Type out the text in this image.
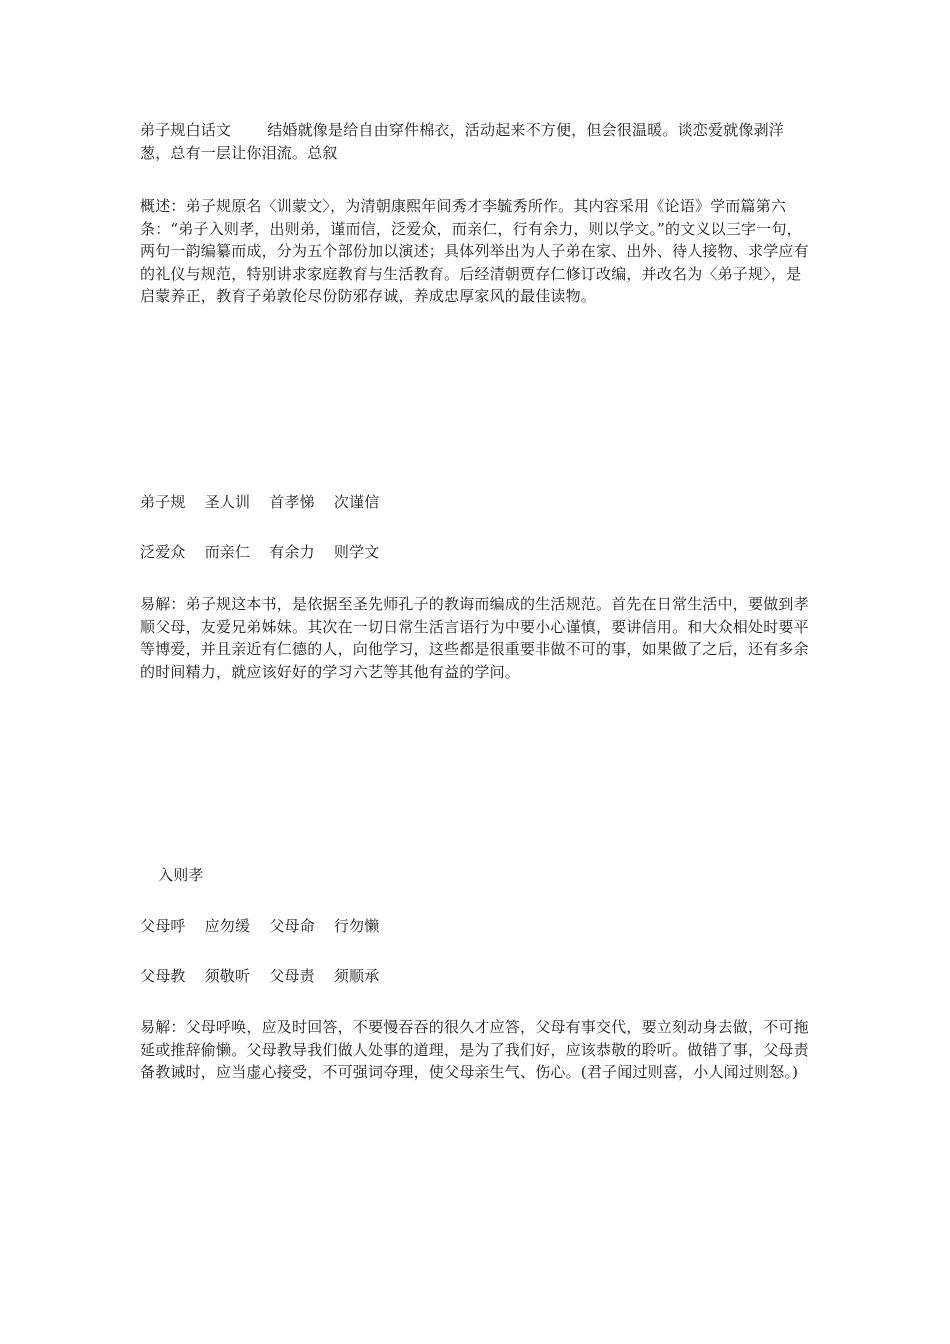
弟子规白话文 结婚就像是给自由穿件棉衣，活动起来不方便，但会很温暖。谈恋爱就像剥洋葱，总有一层让你泪流。总叙

概述：弟子规原名〈训蒙文〉，为清朝康熙年间秀才李毓秀所作。其内容采用《论语》学而篇第六条：“弟子入则孝，出则弟，谨而信，泛爱众，而亲仁，行有余力，则以学文。”的文义以三字一句，两句一韵编纂而成，分为五个部份加以演述；具体列举出为人子弟在家、出外、待人接物、求学应有的礼仪与规范，特别讲求家庭教育与生活教育。后经清朝贾存仁修订改编，并改名为〈弟子规〉，是启蒙养正，教育子弟敦伦尽份防邪存诚，养成忠厚家风的最佳读物。

弟子规 圣人训 首孝悌 次谨信

泛爱众 而亲仁 有余力 则学文

易解：弟子规这本书，是依据至圣先师孔子的教诲而编成的生活规范。首先在日常生活中，要做到孝顺父母，友爱兄弟姊妹。其次在一切日常生活言语行为中要小心谨慎，要讲信用。和大众相处时要平等博爱，并且亲近有仁德的人，向他学习，这些都是很重要非做不可的事，如果做了之后，还有多余的时间精力，就应该好好的学习六艺等其他有益的学问。

入则孝

父母呼 应勿缓 父母命 行勿懒

父母教 须敬听 父母责 须顺承

易解：父母呼唤，应及时回答，不要慢吞吞的很久才应答，父母有事交代，要立刻动身去做，不可拖延或推辞偷懒。父母教导我们做人处事的道理，是为了我们好，应该恭敬的聆听。做错了事，父母责备教诫时，应当虚心接受，不可强词夺理，使父母亲生气、伤心。(君子闻过则喜，小人闻过则怒。)
